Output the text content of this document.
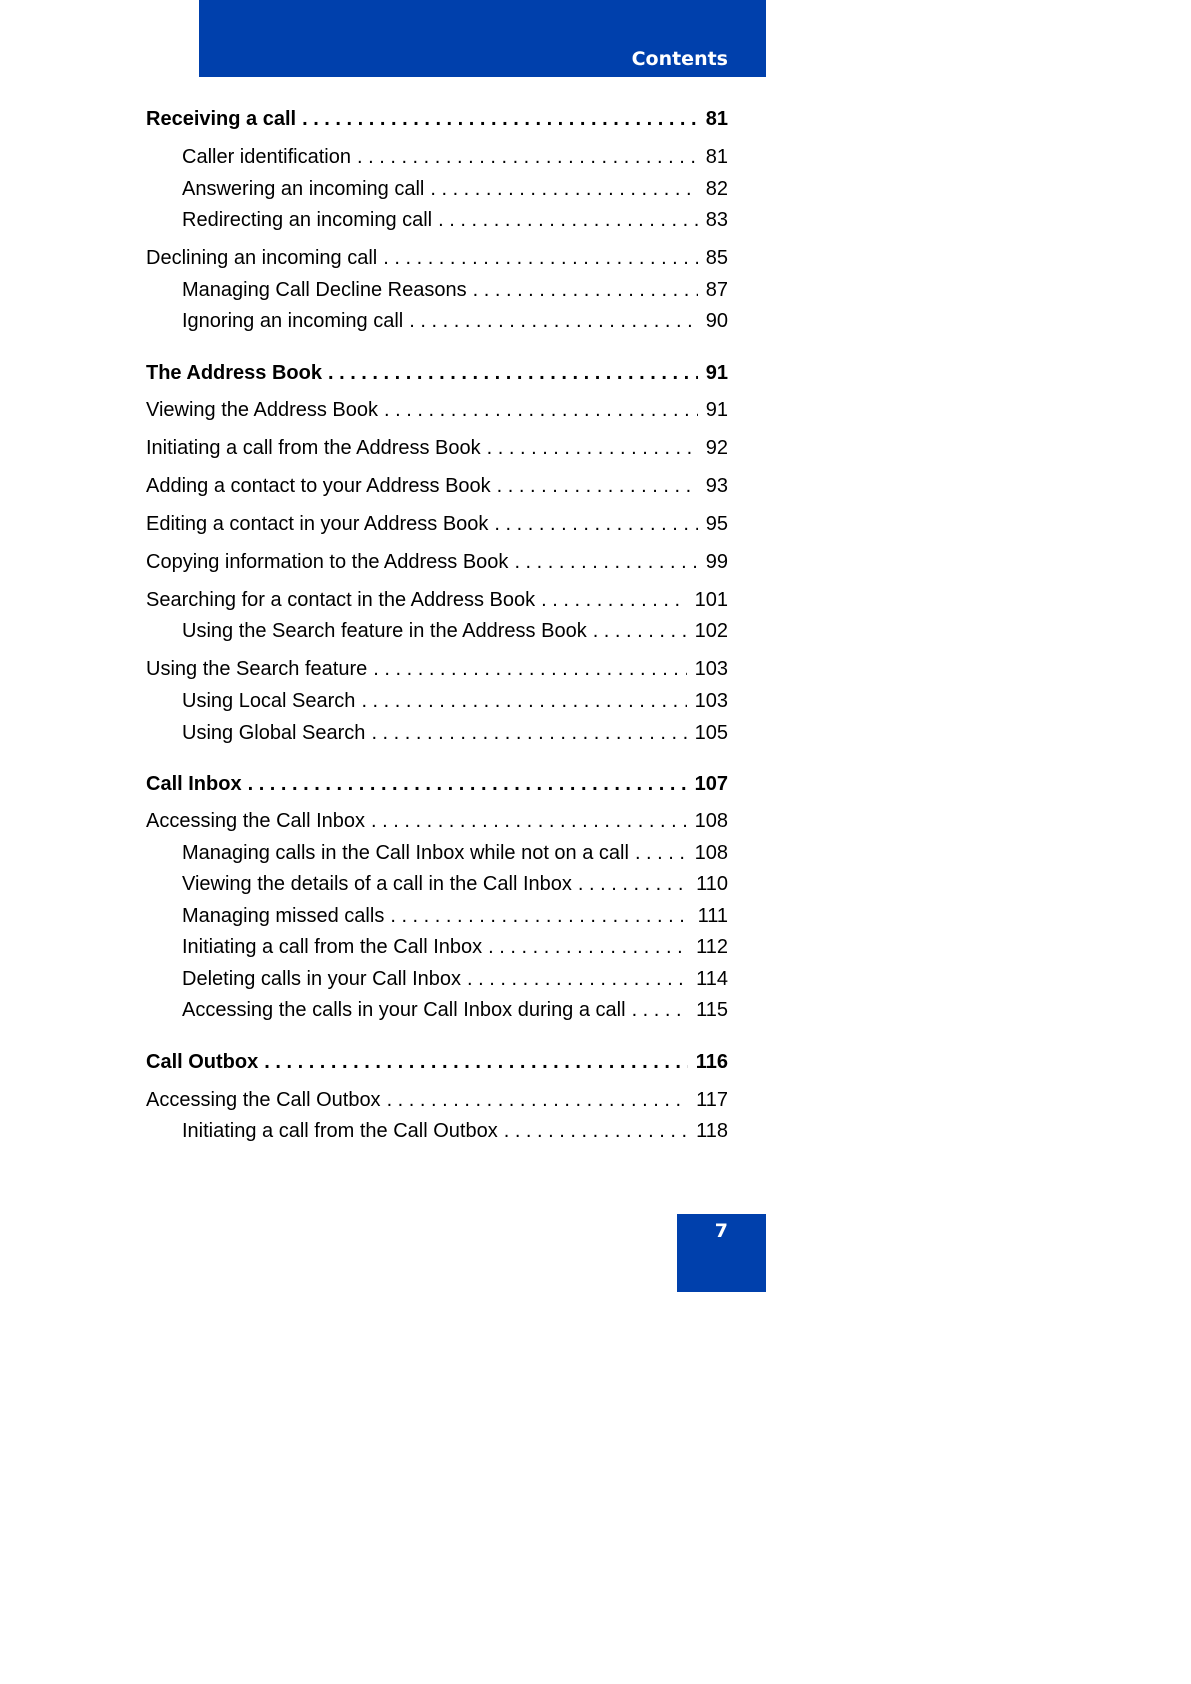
Contents
Receiving a call . . .	81
Caller identification . . .	81
Answering an incoming call . . .	82
Redirecting an incoming call . . .	83
Declining an incoming call . . .	85
Managing Call Decline Reasons . . .	87
Ignoring an incoming call . . .	90
The Address Book . . .	91
Viewing the Address Book . . .	91
Initiating a call from the Address Book . . .	92
Adding a contact to your Address Book . . .	93
Editing a contact in your Address Book . . .	95
Copying information to the Address Book . . .	99
Searching for a contact in the Address Book . . .	101
Using the Search feature in the Address Book . . .	102
Using the Search feature . . .	103
Using Local Search . . .	103
Using Global Search . . .	105
Call Inbox . . .	107
Accessing the Call Inbox . . .	108
Managing calls in the Call Inbox while not on a call . . .	108
Viewing the details of a call in the Call Inbox . . .	110
Managing missed calls . . .	111
Initiating a call from the Call Inbox . . .	112
Deleting calls in your Call Inbox . . .	114
Accessing the calls in your Call Inbox during a call . . .	115
Call Outbox . . .	116
Accessing the Call Outbox . . .	117
Initiating a call from the Call Outbox . . .	118
7
